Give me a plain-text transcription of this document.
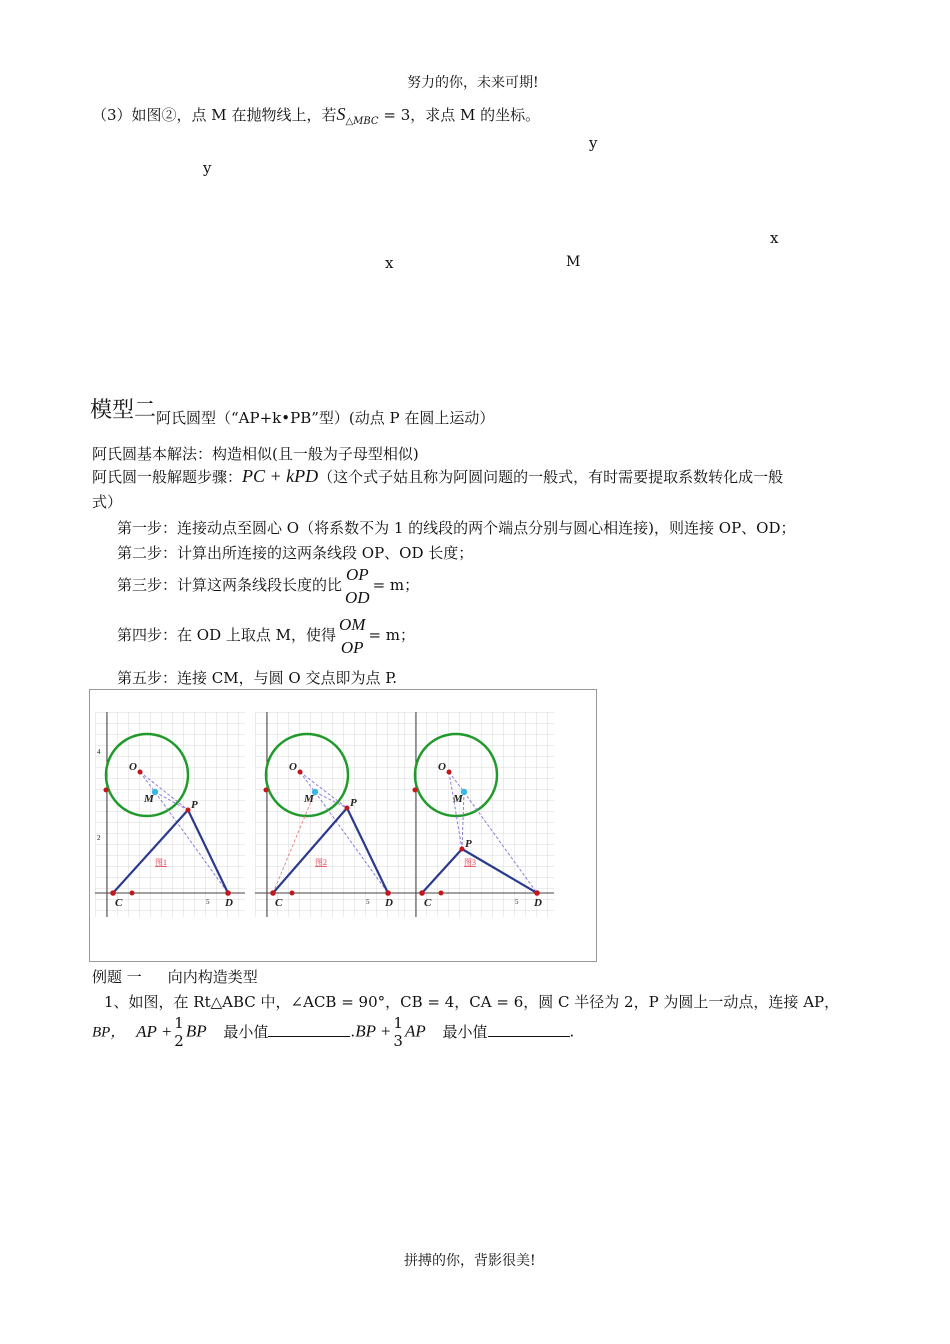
努力的你，未来可期!
（3）如图②，点 M 在抛物线上，若$S_{\triangle MBC} = 3$，求点 M 的坐标。
y
y
x
x	M
模型二阿氏圆型（“AP+k•PB”型）(动点 P 在圆上运动）
阿氏圆基本解法：构造相似(且一般为子母型相似)
阿氏圆一般解题步骤：PC + kPD（这个式子姑且称为阿圆问题的一般式，有时需要提取系数转化成一般
式）
第一步：连接动点至圆心 O（将系数不为 1 的线段的两个端点分别与圆心相连接)，则连接 OP、OD；
第二步：计算出所连接的这两条线段 OP、OD 长度；
第三步：计算这两条线段长度的比
OP
OD
= m；
第四步：在 OD 上取点 M，使得
OM
OP
= m；
第五步：连接 CM，与圆 O 交点即为点 P.
4
2
5
O
P
M
C	D
图1
5
O
P
M
C	D
图2
5
O
P
M
C	D
图3
例题 一 向内构造类型
1、如图，在 Rt△ABC 中，∠ACB = 90°，CB = 4，CA = 6，圆 C 半径为 2，P 为圆上一动点，连接 AP，
BP， AP + 1
2
BP 最小值	.BP + 1
3
AP 最小值	.
拼搏的你，背影很美!
